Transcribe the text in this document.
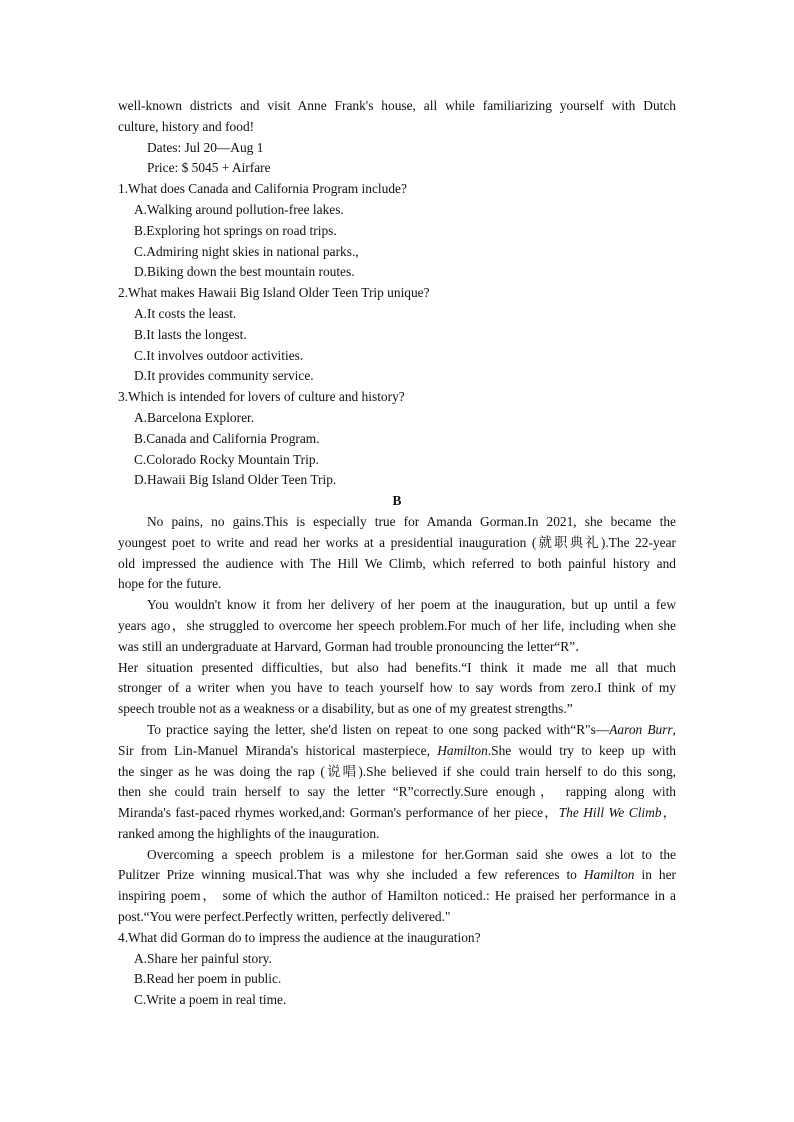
well-known districts and visit Anne Frank's house, all while familiarizing yourself with Dutch
culture, history and food!
Dates: Jul 20—Aug 1
Price: $ 5045 + Airfare
1.What does Canada and California Program include?
A.Walking around pollution-free lakes.
B.Exploring hot springs on road trips.
C.Admiring night skies in national parks.,
D.Biking down the best mountain routes.
2.What makes Hawaii Big Island Older Teen Trip unique?
A.It costs the least.
B.It lasts the longest.
C.It involves outdoor activities.
D.It provides community service.
3.Which is intended for lovers of culture and history?
A.Barcelona Explorer.
B.Canada and California Program.
C.Colorado Rocky Mountain Trip.
D.Hawaii Big Island Older Teen Trip.
B
No pains, no gains.This is especially true for Amanda Gorman.In 2021, she became the
youngest poet to write and read her works at a presidential inauguration (就职典礼).The 22-year
old impressed the audience with The Hill We Climb, which referred to both painful history and
hope for the future.
You wouldn't know it from her delivery of her poem at the inauguration, but up until a few
years ago，she struggled to overcome her speech problem.For much of her life, including when she
was still an undergraduate at Harvard, Gorman had trouble pronouncing the letter“R”．
Her situation presented difficulties, but also had benefits.“I think it made me all that much
stronger of a writer when you have to teach yourself how to say words from zero.I think of my
speech trouble not as a weakness or a disability, but as one of my greatest strengths.”
To practice saying the letter, she'd listen on repeat to one song packed with“R"s—Aaron Burr,
Sir from Lin-Manuel Miranda's historical masterpiece, Hamilton.She would try to keep up with
the singer as he was doing the rap (说唱).She believed if she could train herself to do this song,
then she could train herself to say the letter “R”correctly.Sure enough， rapping along with
Miranda's fast-paced rhymes worked,and: Gorman's performance of her piece，The Hill We Climb，
ranked among the highlights of the inauguration.
Overcoming a speech problem is a milestone for her.Gorman said she owes a lot to the
Pulitzer Prize winning musical.That was why she included a few references to Hamilton in her
inspiring poem， some of which the author of Hamilton noticed.: He praised her performance in a
post.“You were perfect.Perfectly written, perfectly delivered."
4.What did Gorman do to impress the audience at the inauguration?
A.Share her painful story.
B.Read her poem in public.
C.Write a poem in real time.
